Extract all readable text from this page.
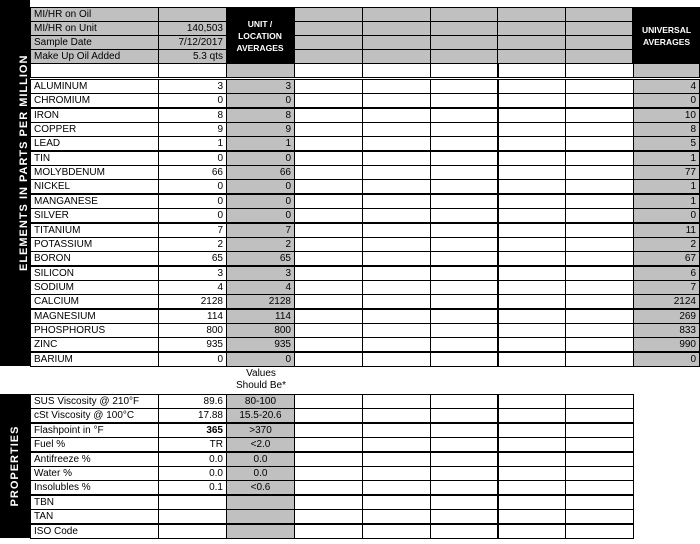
ELEMENTS IN PARTS PER MILLION
UNIT / LOCATION AVERAGES
UNIVERSAL AVERAGES
PROPERTIES
Values Should Be*
MI/HR on Oil
MI/HR on Unit	140,503
Sample Date	7/12/2017
Make Up Oil Added	5.3 qts
ALUMINUM	3	3	4
CHROMIUM	0	0	0
IRON	8	8	10
COPPER	9	9	8
LEAD	1	1	5
TIN	0	0	1
MOLYBDENUM	66	66	77
NICKEL	0	0	1
MANGANESE	0	0	1
SILVER	0	0	0
TITANIUM	7	7	11
POTASSIUM	2	2	2
BORON	65	65	67
SILICON	3	3	6
SODIUM	4	4	7
CALCIUM	2128	2128	2124
MAGNESIUM	114	114	269
PHOSPHORUS	800	800	833
ZINC	935	935	990
BARIUM	0	0	0
SUS Viscosity @ 210°F	89.6	80-100
cSt Viscosity @ 100°C	17.88	15.5-20.6
Flashpoint in °F	365	>370
Fuel %	TR	<2.0
Antifreeze %	0.0	0.0
Water %	0.0	0.0
Insolubles %	0.1	<0.6
TBN
TAN
ISO Code
